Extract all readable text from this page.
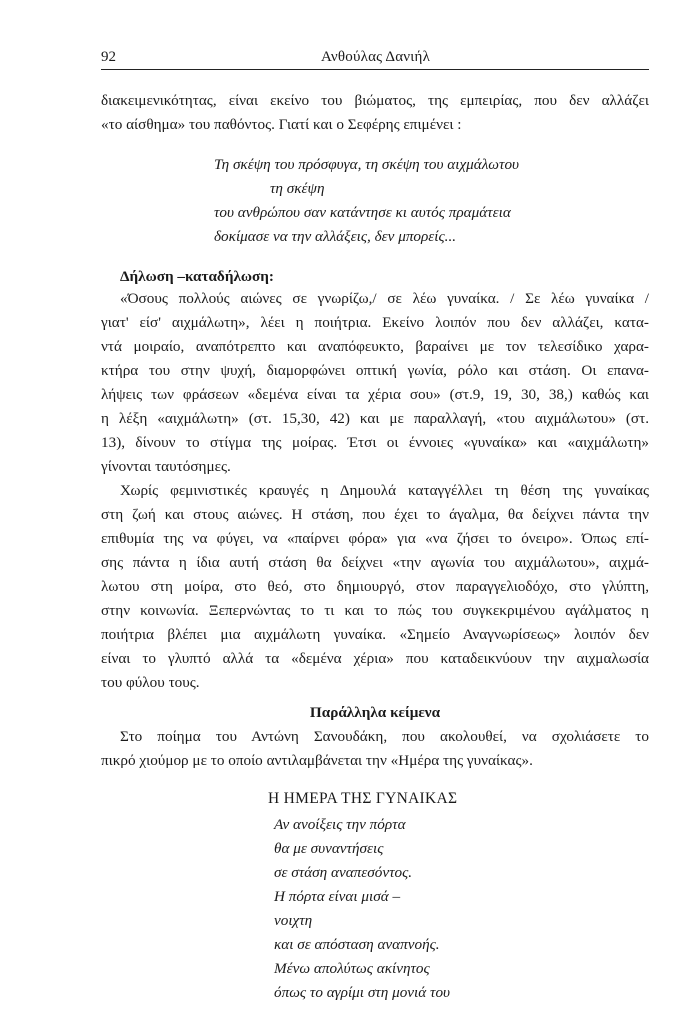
92	Ανθούλας Δανιήλ
διακειμενικότητας, είναι εκείνο του βιώματος, της εμπειρίας, που δεν αλλάζει
«το αίσθημα» του παθόντος. Γιατί και ο Σεφέρης επιμένει :
Τη σκέψη του πρόσφυγα, τη σκέψη του αιχμάλωτου
τη σκέψη
του ανθρώπου σαν κατάντησε κι αυτός πραμάτεια
δοκίμασε να την αλλάξεις, δεν μπορείς...
Δήλωση –καταδήλωση:
«Όσους πολλούς αιώνες σε γνωρίζω,/ σε λέω γυναίκα. / Σε λέω γυναίκα /
γιατ' είσ' αιχμάλωτη», λέει η ποιήτρια. Εκείνο λοιπόν που δεν αλλάζει, κατα-
ντά μοιραίο, αναπότρεπτο και αναπόφευκτο, βαραίνει με τον τελεσίδικο χαρα-
κτήρα του στην ψυχή, διαμορφώνει οπτική γωνία, ρόλο και στάση. Οι επανα-
λήψεις των φράσεων «δεμένα είναι τα χέρια σου» (στ.9, 19, 30, 38,) καθώς και
η λέξη «αιχμάλωτη» (στ. 15,30, 42) και με παραλλαγή, «του αιχμάλωτου» (στ.
13), δίνουν το στίγμα της μοίρας. Έτσι οι έννοιες «γυναίκα» και «αιχμάλωτη»
γίνονται ταυτόσημες.
Χωρίς φεμινιστικές κραυγές η Δημουλά καταγγέλλει τη θέση της γυναίκας
στη ζωή και στους αιώνες. Η στάση, που έχει το άγαλμα, θα δείχνει πάντα την
επιθυμία της να φύγει, να «παίρνει φόρα» για «να ζήσει το όνειρο». Όπως επί-
σης πάντα η ίδια αυτή στάση θα δείχνει «την αγωνία του αιχμάλωτου», αιχμά-
λωτου στη μοίρα, στο θεό, στο δημιουργό, στον παραγγελιοδόχο, στο γλύπτη,
στην κοινωνία. Ξεπερνώντας το τι και το πώς του συγκεκριμένου αγάλματος η
ποιήτρια βλέπει μια αιχμάλωτη γυναίκα. «Σημείο Αναγνωρίσεως» λοιπόν δεν
είναι το γλυπτό αλλά τα «δεμένα χέρια» που καταδεικνύουν την αιχμαλωσία
του φύλου τους.
Παράλληλα κείμενα
Στο ποίημα του Αντώνη Σανουδάκη, που ακολουθεί, να σχολιάσετε το
πικρό χιούμορ με το οποίο αντιλαμβάνεται την «Ημέρα της γυναίκας».
Η ΗΜΕΡΑ ΤΗΣ ΓΥΝΑΙΚΑΣ
Αν ανοίξεις την πόρτα
θα με συναντήσεις
σε στάση αναπεσόντος.
Η πόρτα είναι μισά –
νοιχτη
και σε απόσταση αναπνοής.
Μένω απολύτως ακίνητος
όπως το αγρίμι στη μονιά του
